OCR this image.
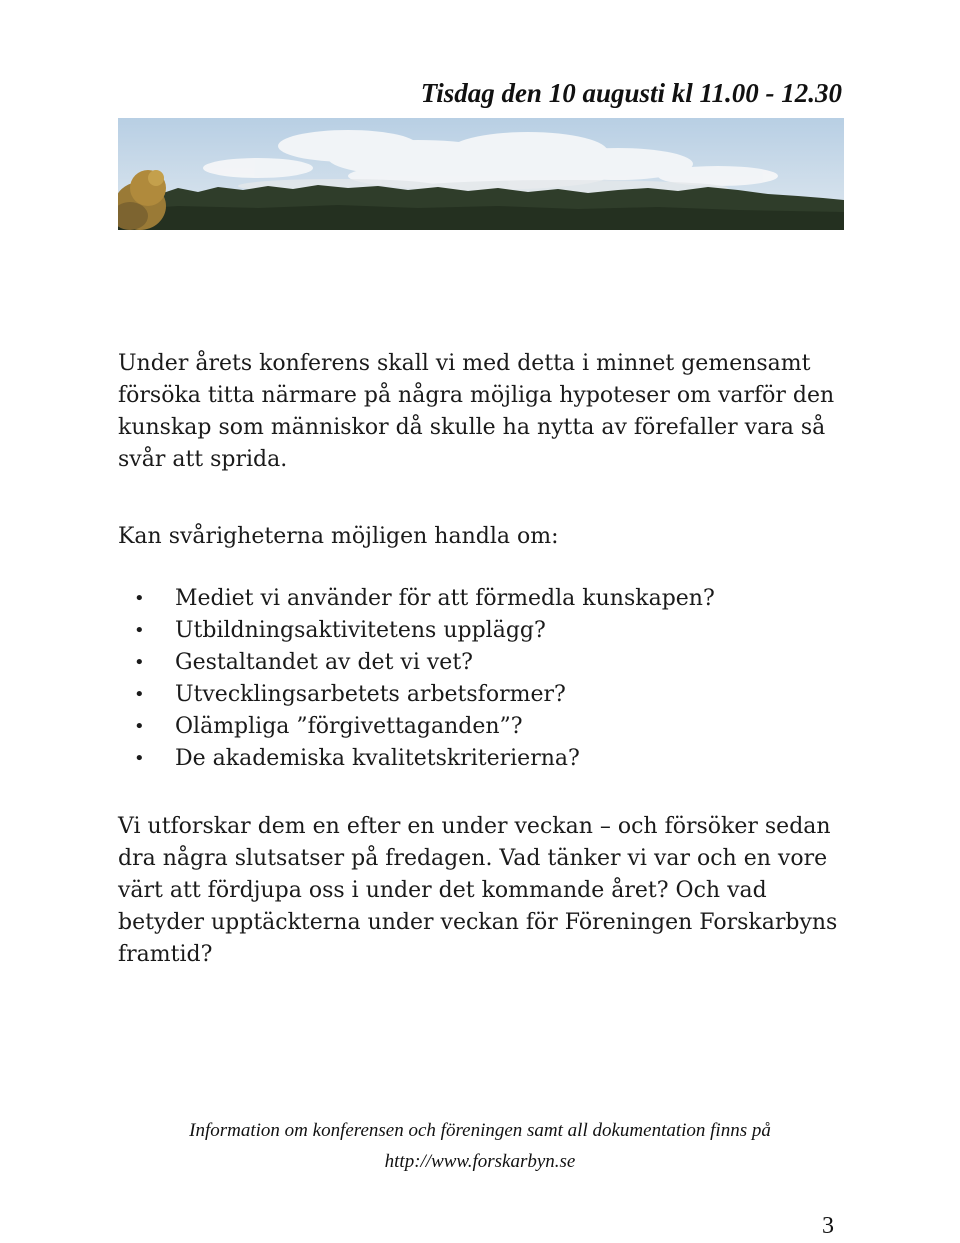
Tisdag den 10 augusti kl 11.00 - 12.30

Under årets konferens skall vi med detta i minnet gemensamt försöka titta närmare på några möjliga hypoteser om varför den kunskap som människor då skulle ha nytta av förefaller vara så svår att sprida.

Kan svårigheterna möjligen handla om:

• Mediet vi använder för att förmedla kunskapen?
• Utbildningsaktivitetens upplägg?
• Gestaltandet av det vi vet?
• Utvecklingsarbetets arbetsformer?
• Olämpliga ”förgivettaganden”?
• De akademiska kvalitetskriterierna?

Vi utforskar dem en efter en under veckan – och försöker sedan dra några slutsatser på fredagen. Vad tänker vi var och en vore värt att fördjupa oss i under det kommande året? Och vad betyder upptäckterna under veckan för Föreningen Forskarbyns framtid?

Information om konferensen och föreningen samt all dokumentation finns på
http://www.forskarbyn.se
3
